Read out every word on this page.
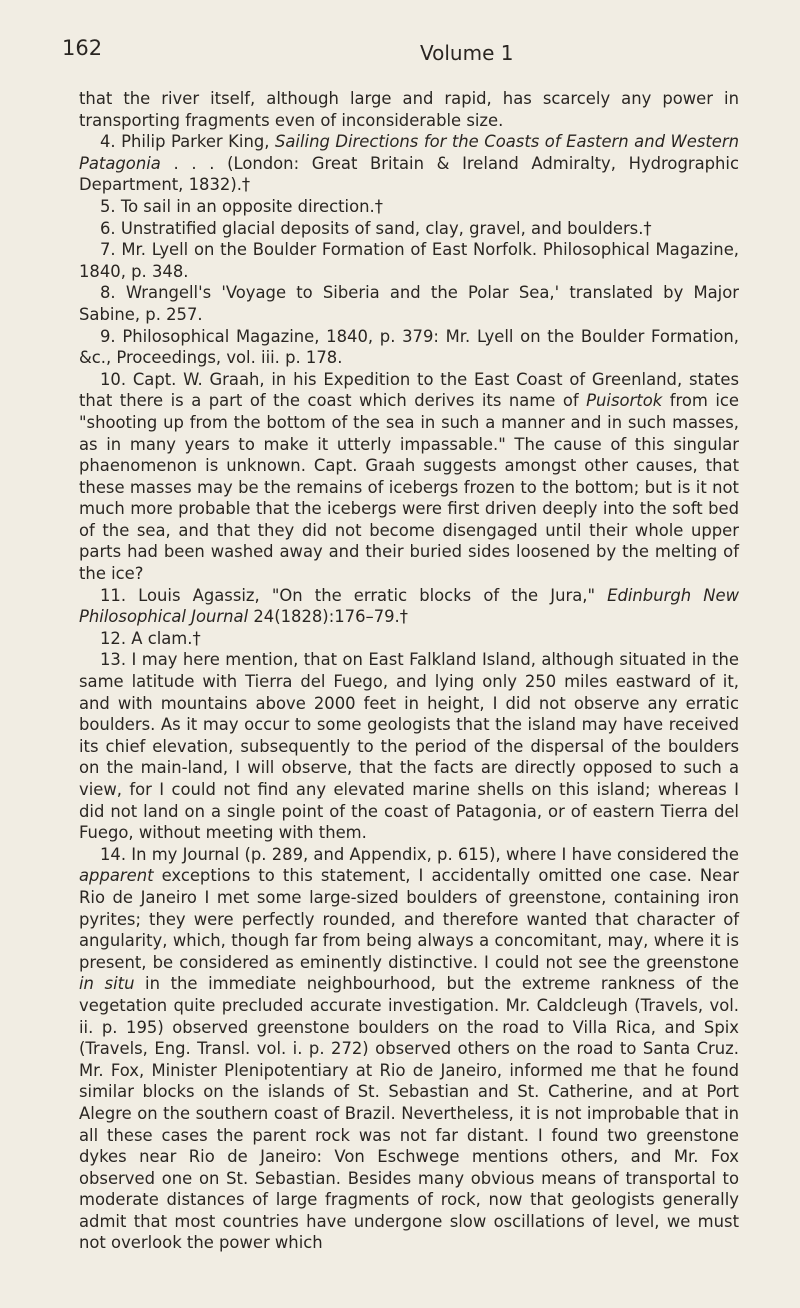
162	Volume 1

that the river itself, although large and rapid, has scarcely any power in transporting fragments even of inconsiderable size.

4. Philip Parker King, Sailing Directions for the Coasts of Eastern and Western Patagonia . . . (London: Great Britain & Ireland Admiralty, Hydrographic Department, 1832).†

5. To sail in an opposite direction.†

6. Unstratified glacial deposits of sand, clay, gravel, and boulders.†

7. Mr. Lyell on the Boulder Formation of East Norfolk. Philosophical Magazine, 1840, p. 348.

8. Wrangell's 'Voyage to Siberia and the Polar Sea,' translated by Major Sabine, p. 257.

9. Philosophical Magazine, 1840, p. 379: Mr. Lyell on the Boulder Formation, &c., Proceedings, vol. iii. p. 178.

10. Capt. W. Graah, in his Expedition to the East Coast of Greenland, states that there is a part of the coast which derives its name of Puisortok from ice "shooting up from the bottom of the sea in such a manner and in such masses, as in many years to make it utterly impassable." The cause of this singular phaenomenon is unknown. Capt. Graah suggests amongst other causes, that these masses may be the remains of icebergs frozen to the bottom; but is it not much more probable that the icebergs were first driven deeply into the soft bed of the sea, and that they did not become disengaged until their whole upper parts had been washed away and their buried sides loosened by the melting of the ice?

11. Louis Agassiz, "On the erratic blocks of the Jura," Edinburgh New Philosophical Journal 24(1828):176–79.†

12. A clam.†

13. I may here mention, that on East Falkland Island, although situated in the same latitude with Tierra del Fuego, and lying only 250 miles eastward of it, and with mountains above 2000 feet in height, I did not observe any erratic boulders. As it may occur to some geologists that the island may have received its chief elevation, subsequently to the period of the dispersal of the boulders on the main-land, I will observe, that the facts are directly opposed to such a view, for I could not find any elevated marine shells on this island; whereas I did not land on a single point of the coast of Patagonia, or of eastern Tierra del Fuego, without meeting with them.

14. In my Journal (p. 289, and Appendix, p. 615), where I have considered the apparent exceptions to this statement, I accidentally omitted one case. Near Rio de Janeiro I met some large-sized boulders of greenstone, containing iron pyrites; they were perfectly rounded, and therefore wanted that character of angularity, which, though far from being always a concomitant, may, where it is present, be considered as eminently distinctive. I could not see the greenstone in situ in the immediate neighbourhood, but the extreme rankness of the vegetation quite precluded accurate investigation. Mr. Caldcleugh (Travels, vol. ii. p. 195) observed greenstone boulders on the road to Villa Rica, and Spix (Travels, Eng. Transl. vol. i. p. 272) observed others on the road to Santa Cruz. Mr. Fox, Minister Plenipotentiary at Rio de Janeiro, informed me that he found similar blocks on the islands of St. Sebastian and St. Catherine, and at Port Alegre on the southern coast of Brazil. Nevertheless, it is not improbable that in all these cases the parent rock was not far distant. I found two greenstone dykes near Rio de Janeiro: Von Eschwege mentions others, and Mr. Fox observed one on St. Sebastian. Besides many obvious means of transportal to moderate distances of large fragments of rock, now that geologists generally admit that most countries have undergone slow oscillations of level, we must not overlook the power which
